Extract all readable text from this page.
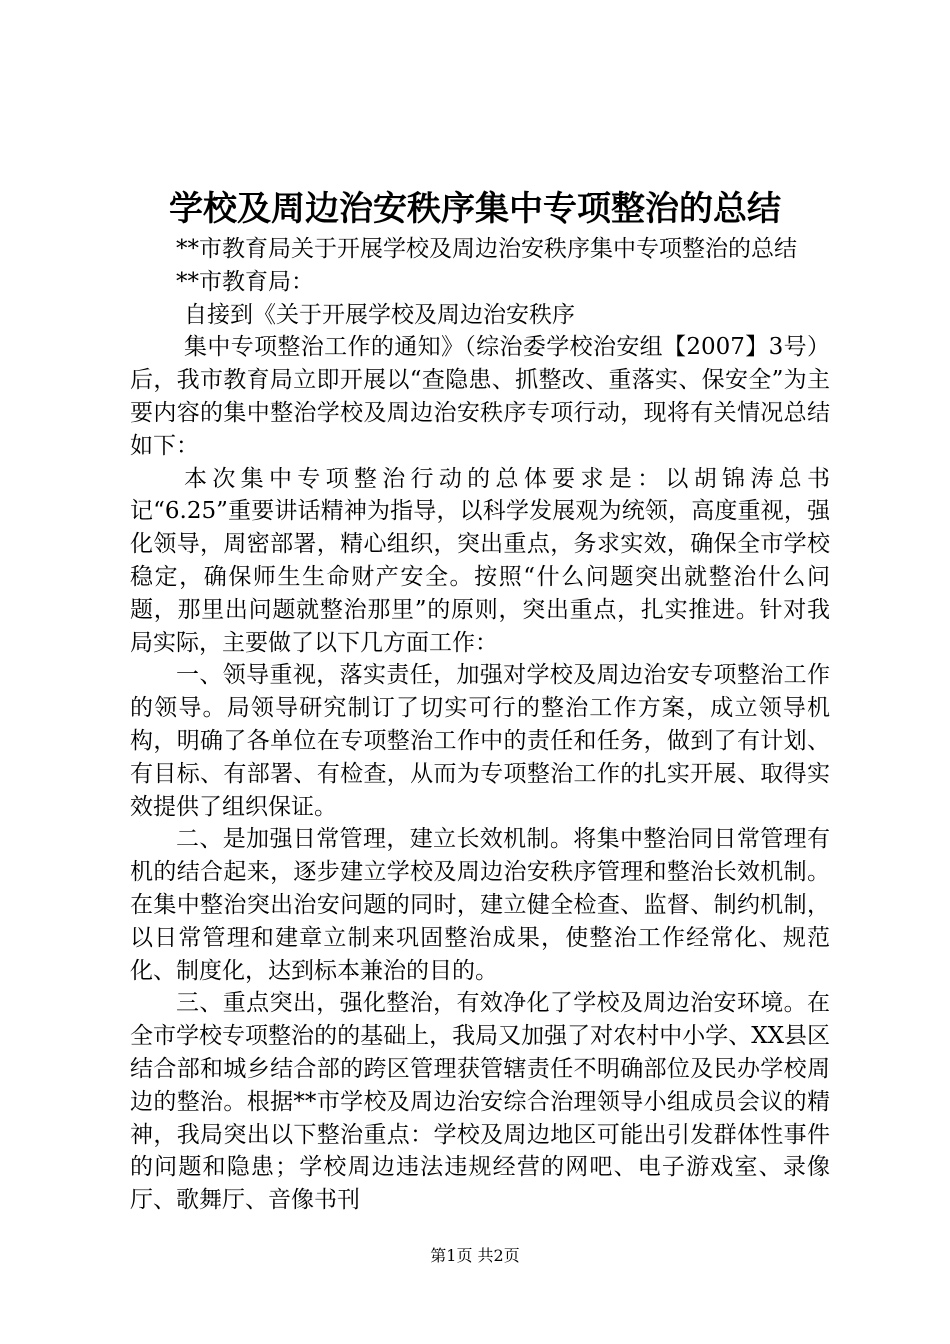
学校及周边治安秩序集中专项整治的总结

**市教育局关于开展学校及周边治安秩序集中专项整治的总结

**市教育局：

自接到《关于开展学校及周边治安秩序

集中专项整治工作的通知》（综治委学校治安组【2007】3号）后，我市教育局立即开展以“查隐患、抓整改、重落实、保安全”为主要内容的集中整治学校及周边治安秩序专项行动，现将有关情况总结如下：

本次集中专项整治行动的总体要求是：以胡锦涛总书记“6.25”重要讲话精神为指导，以科学发展观为统领，高度重视，强化领导，周密部署，精心组织，突出重点，务求实效，确保全市学校稳定，确保师生生命财产安全。按照“什么问题突出就整治什么问题，那里出问题就整治那里”的原则，突出重点，扎实推进。针对我局实际，主要做了以下几方面工作：

一、领导重视，落实责任，加强对学校及周边治安专项整治工作的领导。局领导研究制订了切实可行的整治工作方案，成立领导机构，明确了各单位在专项整治工作中的责任和任务，做到了有计划、有目标、有部署、有检查，从而为专项整治工作的扎实开展、取得实效提供了组织保证。

二、是加强日常管理，建立长效机制。将集中整治同日常管理有机的结合起来，逐步建立学校及周边治安秩序管理和整治长效机制。在集中整治突出治安问题的同时，建立健全检查、监督、制约机制，以日常管理和建章立制来巩固整治成果，使整治工作经常化、规范化、制度化，达到标本兼治的目的。

三、重点突出，强化整治，有效净化了学校及周边治安环境。在全市学校专项整治的的基础上，我局又加强了对农村中小学、XX县区结合部和城乡结合部的跨区管理获管辖责任不明确部位及民办学校周边的整治。根据**市学校及周边治安综合治理领导小组成员会议的精神，我局突出以下整治重点：学校及周边地区可能出引发群体性事件的问题和隐患；学校周边违法违规经营的网吧、电子游戏室、录像厅、歌舞厅、音像书刊

第1页 共2页
